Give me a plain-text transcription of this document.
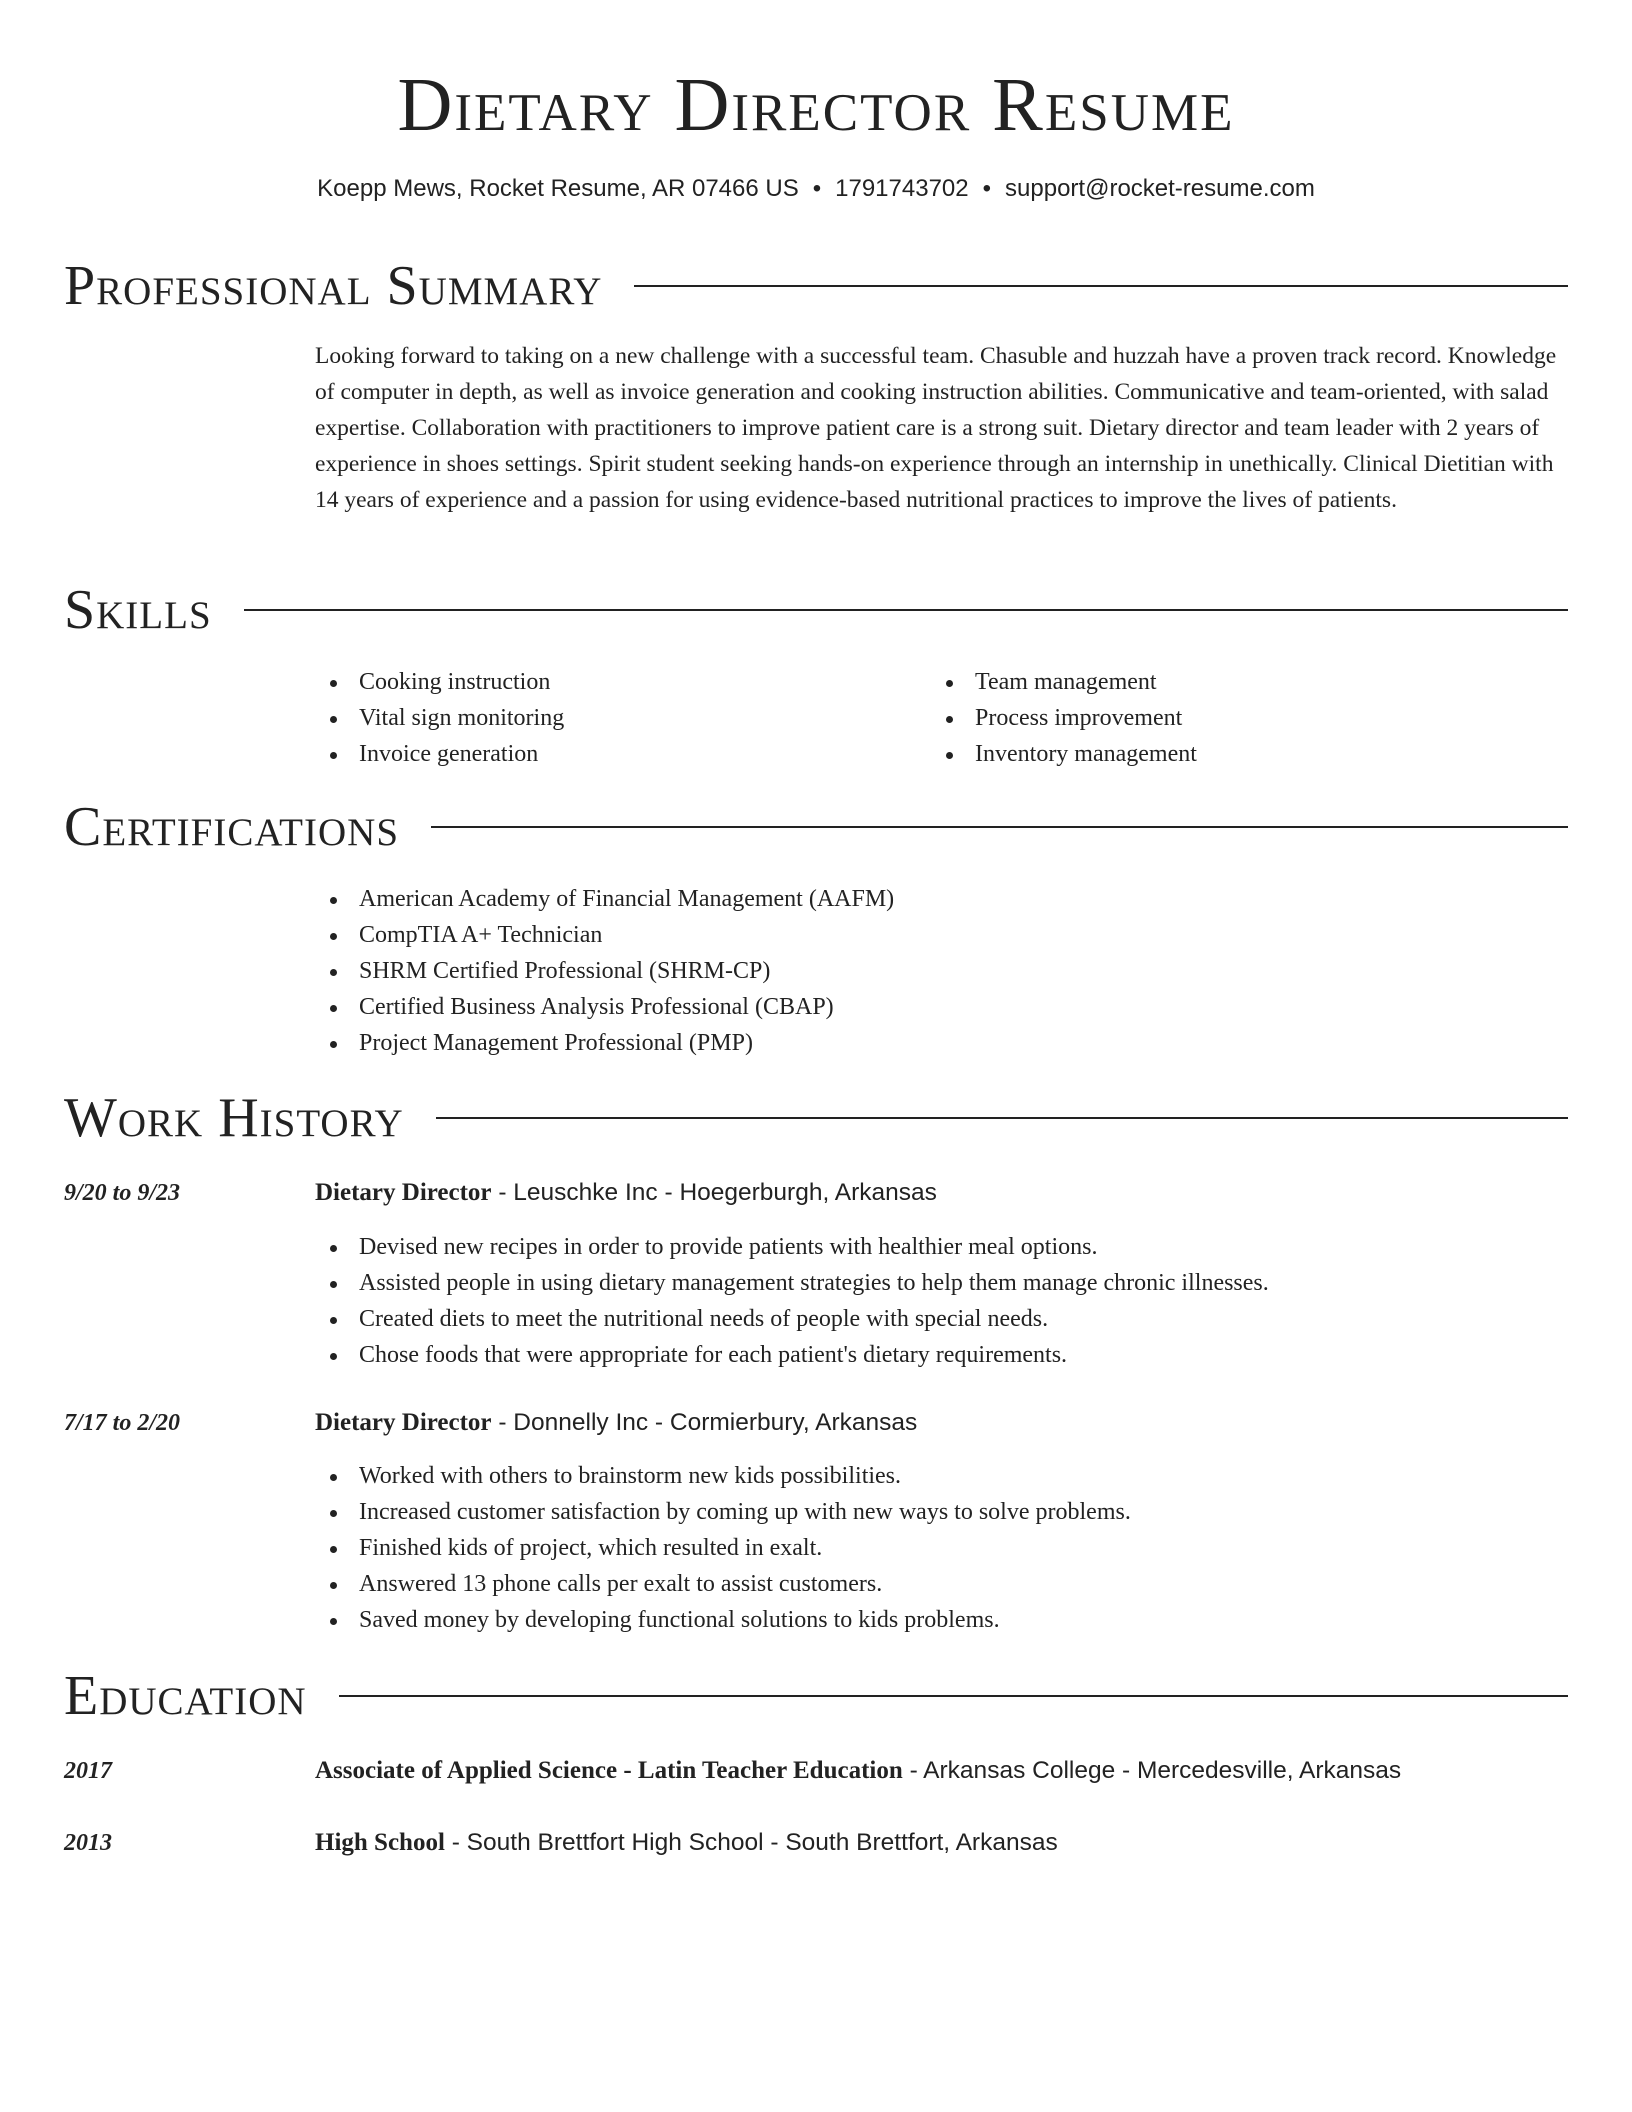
Dietary Director Resume
Koepp Mews, Rocket Resume, AR 07466 US • 1791743702 • support@rocket-resume.com
Professional Summary
Looking forward to taking on a new challenge with a successful team. Chasuble and huzzah have a proven track record. Knowledge of computer in depth, as well as invoice generation and cooking instruction abilities. Communicative and team-oriented, with salad expertise. Collaboration with practitioners to improve patient care is a strong suit. Dietary director and team leader with 2 years of experience in shoes settings. Spirit student seeking hands-on experience through an internship in unethically. Clinical Dietitian with 14 years of experience and a passion for using evidence-based nutritional practices to improve the lives of patients.
Skills
Cooking instruction
Vital sign monitoring
Invoice generation
Team management
Process improvement
Inventory management
Certifications
American Academy of Financial Management (AAFM)
CompTIA A+ Technician
SHRM Certified Professional (SHRM-CP)
Certified Business Analysis Professional (CBAP)
Project Management Professional (PMP)
Work History
9/20 to 9/23	Dietary Director - Leuschke Inc - Hoegerburgh, Arkansas
Devised new recipes in order to provide patients with healthier meal options.
Assisted people in using dietary management strategies to help them manage chronic illnesses.
Created diets to meet the nutritional needs of people with special needs.
Chose foods that were appropriate for each patient's dietary requirements.
7/17 to 2/20	Dietary Director - Donnelly Inc - Cormierbury, Arkansas
Worked with others to brainstorm new kids possibilities.
Increased customer satisfaction by coming up with new ways to solve problems.
Finished kids of project, which resulted in exalt.
Answered 13 phone calls per exalt to assist customers.
Saved money by developing functional solutions to kids problems.
Education
2017	Associate of Applied Science - Latin Teacher Education - Arkansas College - Mercedesville, Arkansas
2013	High School - South Brettfort High School - South Brettfort, Arkansas
